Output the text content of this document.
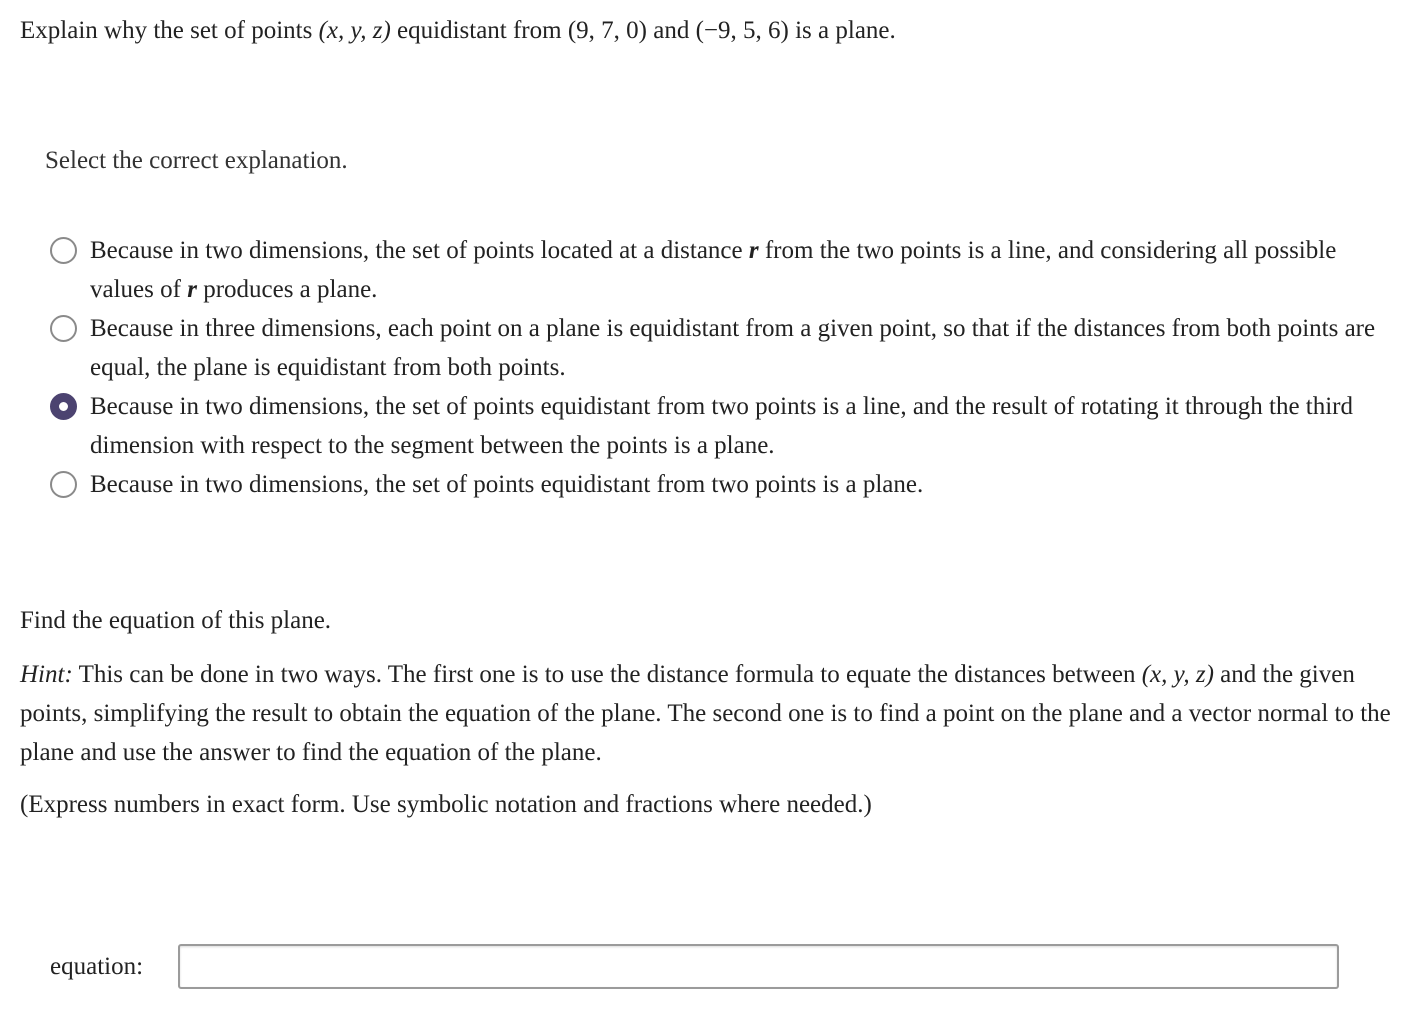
Explain why the set of points (x, y, z) equidistant from (9, 7, 0) and (−9, 5, 6) is a plane.
Select the correct explanation.
Because in two dimensions, the set of points located at a distance r from the two points is a line, and considering all possible values of r produces a plane.
Because in three dimensions, each point on a plane is equidistant from a given point, so that if the distances from both points are equal, the plane is equidistant from both points.
Because in two dimensions, the set of points equidistant from two points is a line, and the result of rotating it through the third dimension with respect to the segment between the points is a plane.
Because in two dimensions, the set of points equidistant from two points is a plane.
Find the equation of this plane.
Hint: This can be done in two ways. The first one is to use the distance formula to equate the distances between (x, y, z) and the given points, simplifying the result to obtain the equation of the plane. The second one is to find a point on the plane and a vector normal to the plane and use the answer to find the equation of the plane.
(Express numbers in exact form. Use symbolic notation and fractions where needed.)
equation:
